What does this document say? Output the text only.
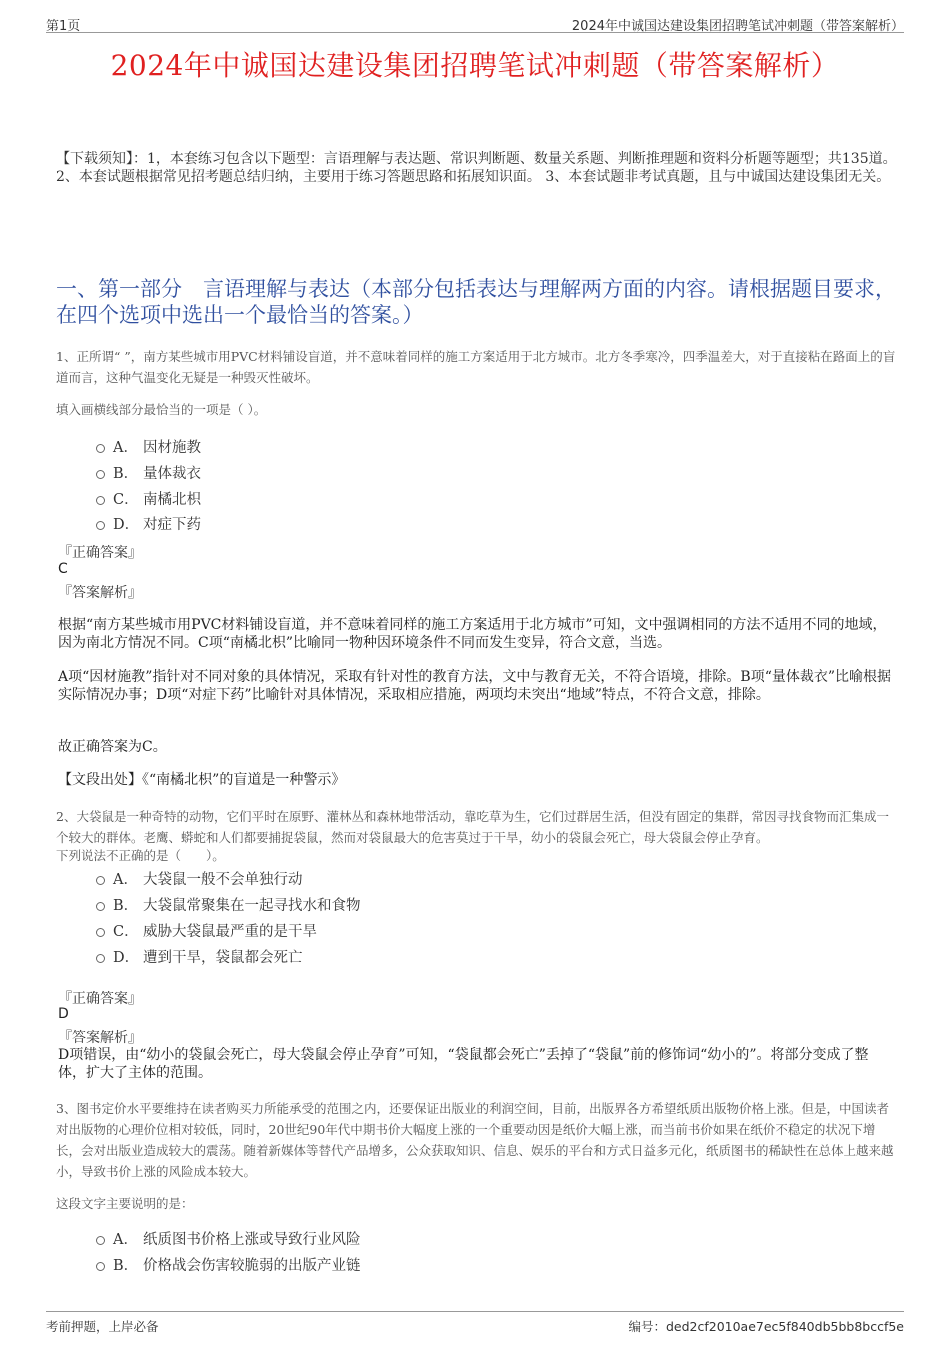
第1页	2024年中诚国达建设集团招聘笔试冲刺题（带答案解析）
2024年中诚国达建设集团招聘笔试冲刺题（带答案解析）
【下载须知】：1，本套练习包含以下题型：言语理解与表达题、常识判断题、数量关系题、判断推理题和资料分析题等题型；共135道。 2、本套试题根据常见招考题总结归纳，主要用于练习答题思路和拓展知识面。 3、本套试题非考试真题，且与中诚国达建设集团无关。
一、第一部分　言语理解与表达（本部分包括表达与理解两方面的内容。请根据题目要求，在四个选项中选出一个最恰当的答案。）
1、正所谓“ ”，南方某些城市用PVC材料铺设盲道，并不意味着同样的施工方案适用于北方城市。北方冬季寒冷，四季温差大，对于直接粘在路面上的盲道而言，这种气温变化无疑是一种毁灭性破坏。
填入画横线部分最恰当的一项是（ ）。
A． 因材施教
B． 量体裁衣
C． 南橘北枳
D． 对症下药
『正确答案』
C
『答案解析』
根据“南方某些城市用PVC材料铺设盲道，并不意味着同样的施工方案适用于北方城市”可知，文中强调相同的方法不适用不同的地域，因为南北方情况不同。C项“南橘北枳”比喻同一物种因环境条件不同而发生变异，符合文意，当选。
A项“因材施教”指针对不同对象的具体情况，采取有针对性的教育方法，文中与教育无关，不符合语境，排除。B项“量体裁衣”比喻根据实际情况办事；D项“对症下药”比喻针对具体情况，采取相应措施，两项均未突出“地域”特点，不符合文意，排除。
故正确答案为C。
【文段出处】《“南橘北枳”的盲道是一种警示》
2、大袋鼠是一种奇特的动物，它们平时在原野、灌林丛和森林地带活动，靠吃草为生，它们过群居生活，但没有固定的集群，常因寻找食物而汇集成一个较大的群体。老鹰、蟒蛇和人们都要捕捉袋鼠，然而对袋鼠最大的危害莫过于干旱，幼小的袋鼠会死亡，母大袋鼠会停止孕育。
下列说法不正确的是（　　）。
A． 大袋鼠一般不会单独行动
B． 大袋鼠常聚集在一起寻找水和食物
C． 威胁大袋鼠最严重的是干旱
D． 遭到干旱，袋鼠都会死亡
『正确答案』
D
『答案解析』
D项错误，由“幼小的袋鼠会死亡，母大袋鼠会停止孕育”可知，“袋鼠都会死亡”丢掉了“袋鼠”前的修饰词“幼小的”。将部分变成了整体，扩大了主体的范围。
3、图书定价水平要维持在读者购买力所能承受的范围之内，还要保证出版业的利润空间，目前，出版界各方希望纸质出版物价格上涨。但是，中国读者对出版物的心理价位相对较低，同时，20世纪90年代中期书价大幅度上涨的一个重要动因是纸价大幅上涨，而当前书价如果在纸价不稳定的状况下增长，会对出版业造成较大的震荡。随着新媒体等替代产品增多，公众获取知识、信息、娱乐的平台和方式日益多元化，纸质图书的稀缺性在总体上越来越小，导致书价上涨的风险成本较大。
这段文字主要说明的是：
A． 纸质图书价格上涨或导致行业风险
B． 价格战会伤害较脆弱的出版产业链
考前押题，上岸必备	编号：ded2cf2010ae7ec5f840db5bb8bccf5e
